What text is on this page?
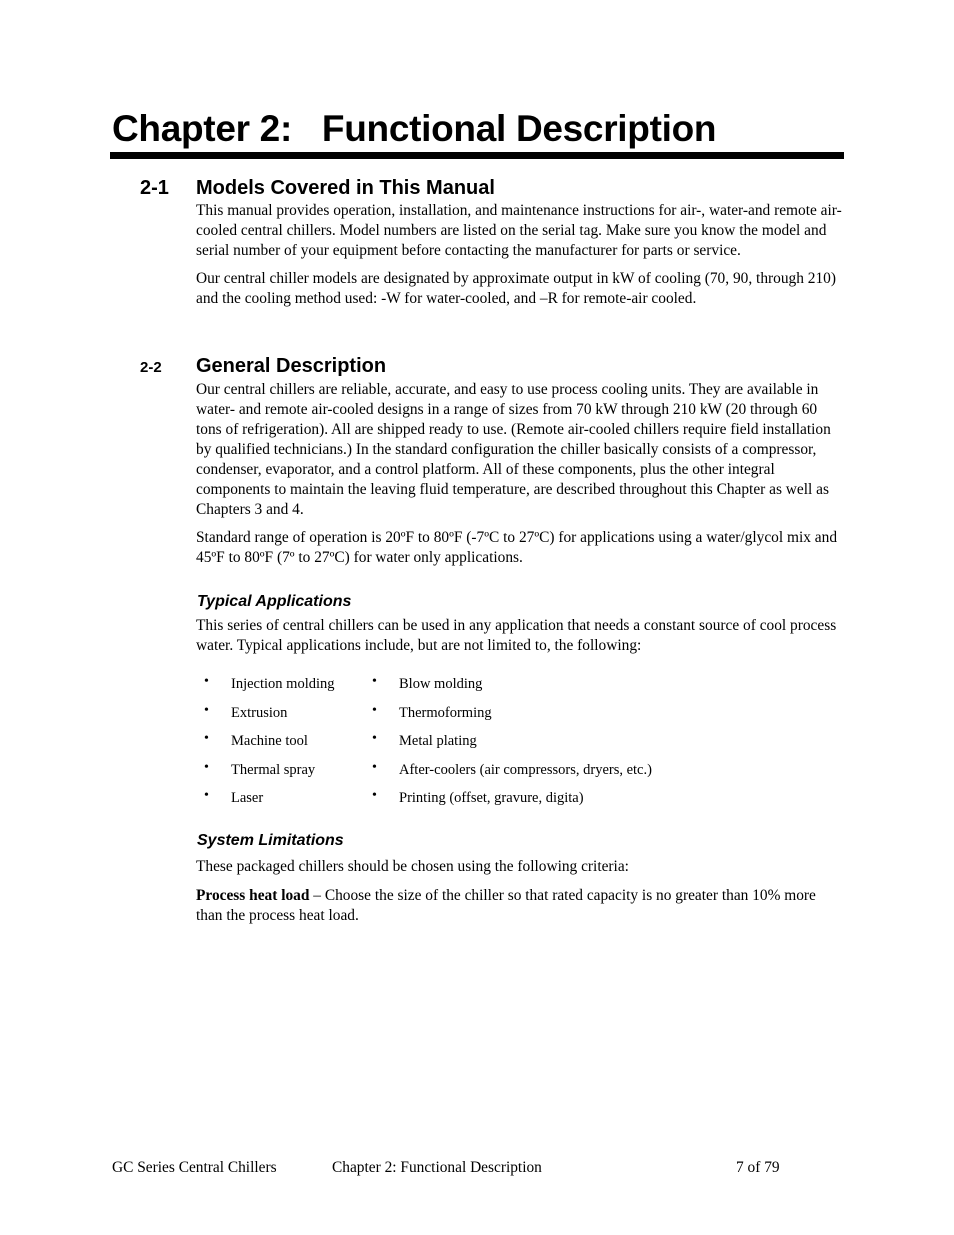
Chapter 2:   Functional Description
2-1 Models Covered in This Manual

This manual provides operation, installation, and maintenance instructions for air-, water-and remote air-cooled central chillers. Model numbers are listed on the serial tag. Make sure you know the model and serial number of your equipment before contacting the manufacturer for parts or service.

Our central chiller models are designated by approximate output in kW of cooling (70, 90, through 210) and the cooling method used: -W for water-cooled, and –R for remote-air cooled.

2-2 General Description

Our central chillers are reliable, accurate, and easy to use process cooling units. They are available in water- and remote air-cooled designs in a range of sizes from 70 kW through 210 kW (20 through 60 tons of refrigeration). All are shipped ready to use. (Remote air-cooled chillers require field installation by qualified technicians.) In the standard configuration the chiller basically consists of a compressor, condenser, evaporator, and a control platform. All of these components, plus the other integral components to maintain the leaving fluid temperature, are described throughout this Chapter as well as Chapters 3 and 4.

Standard range of operation is 20ºF to 80ºF (-7ºC to 27ºC) for applications using a water/glycol mix and 45ºF to 80ºF (7º to 27ºC) for water only applications.

Typical Applications

This series of central chillers can be used in any application that needs a constant source of cool process water. Typical applications include, but are not limited to, the following:

• Injection molding	• Blow molding
• Extrusion	• Thermoforming
• Machine tool	• Metal plating
• Thermal spray	• After-coolers (air compressors, dryers, etc.)
• Laser	• Printing (offset, gravure, digita)
System Limitations

These packaged chillers should be chosen using the following criteria:

Process heat load – Choose the size of the chiller so that rated capacity is no greater than 10% more than the process heat load.

GC Series Central Chillers	Chapter 2: Functional Description	7 of 79
